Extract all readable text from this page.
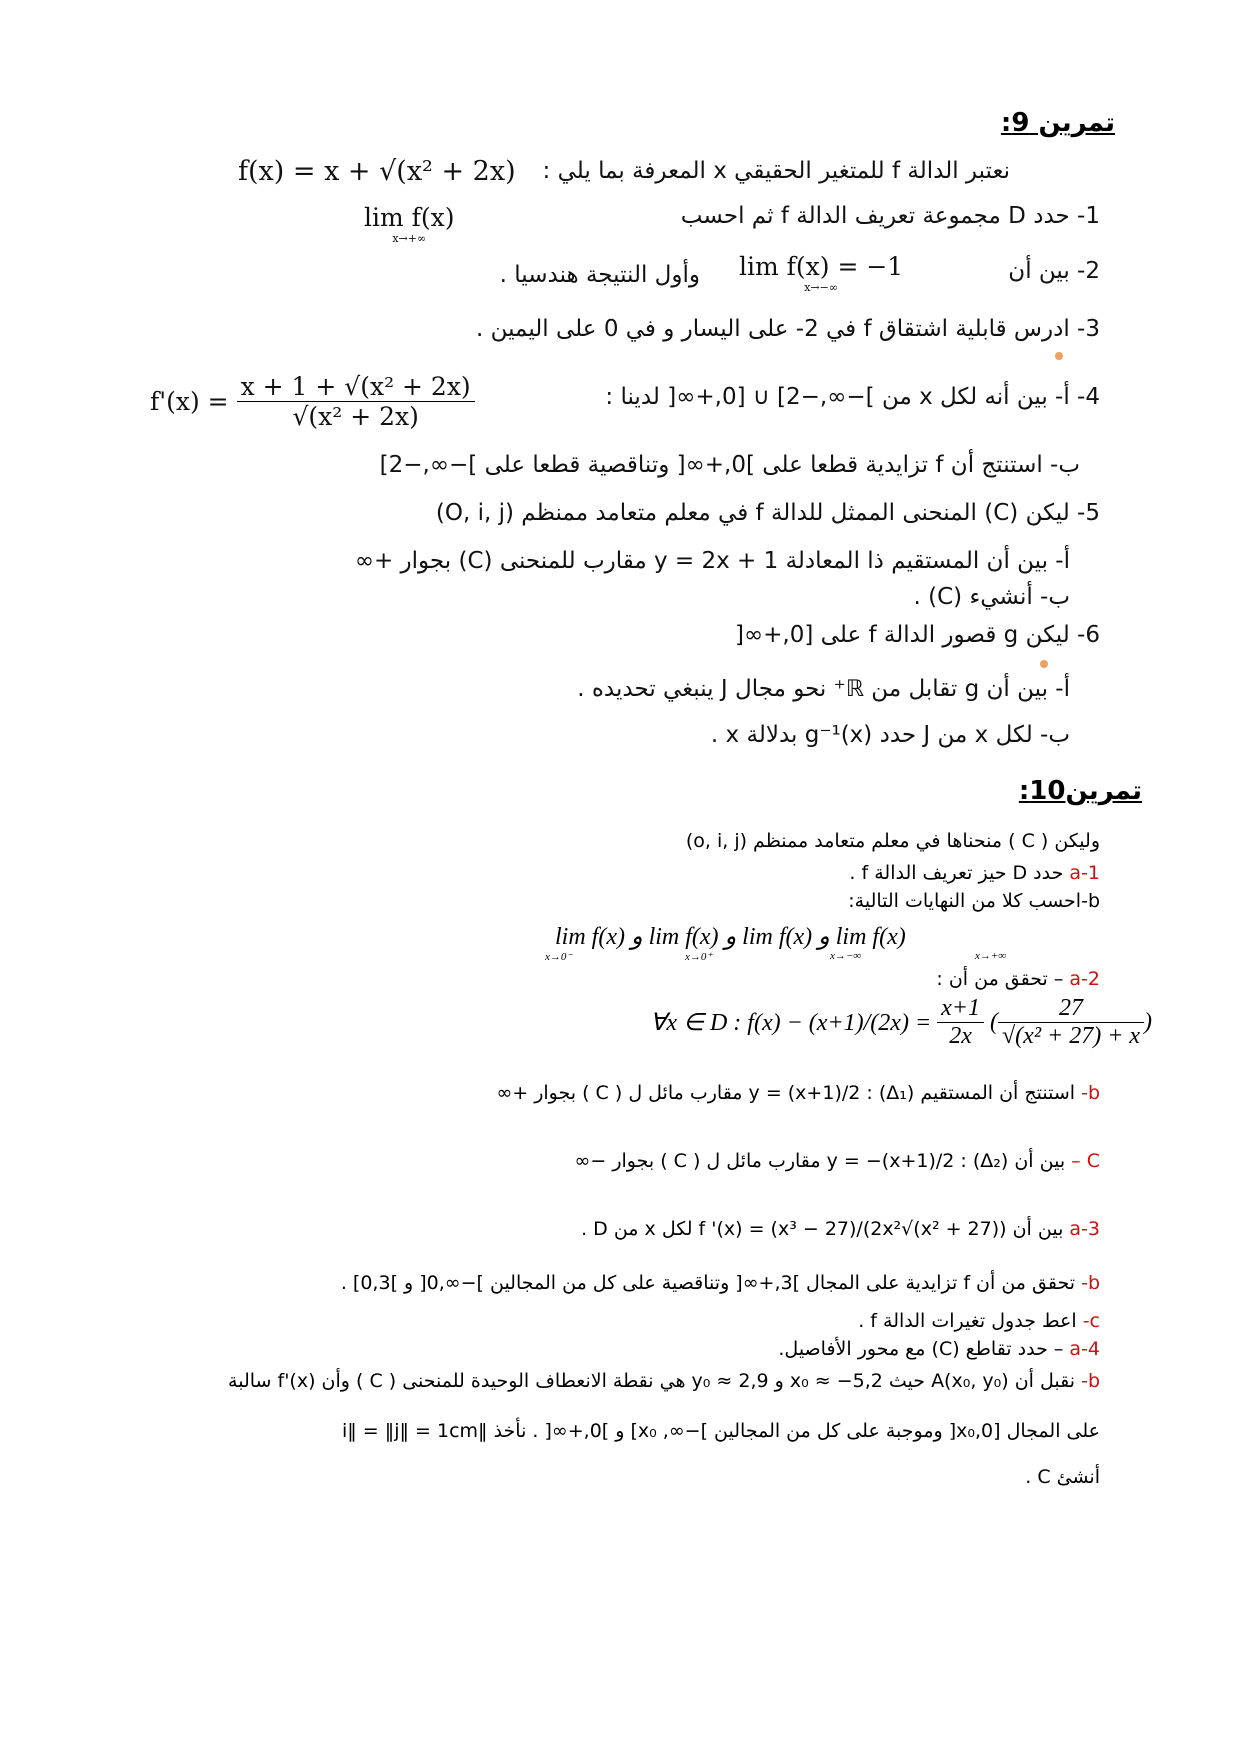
تمرين 9:
نعتبر الدالة f للمتغير الحقيقي x المعرفة بما يلي :
f(x) = x + √(x² + 2x)
1- حدد D مجموعة تعريف الدالة f ثم احسب
lim f(x)
x→+∞
2- بين أن
lim f(x) = −1
x→−∞
وأول النتيجة هندسيا .
3- ادرس قابلية اشتقاق f في 2- على اليسار و في 0 على اليمين .
4- أ- بين أنه لكل x من ]−∞,−2] ∪ [0,+∞[ لدينا :
$f'(x) = \frac{\text{x + 1 + √(x² + 2x)}}{\text{√(x² + 2x)}}$
ب- استنتج أن f تزايدية قطعا على ]0,+∞[ وتناقصية قطعا على ]−∞,−2]
5- ليكن (C) المنحنى الممثل للدالة f في معلم متعامد ممنظم (O, i, j)
أ- بين أن المستقيم ذا المعادلة y = 2x + 1 مقارب للمنحنى (C) بجوار +∞
ب- أنشيء (C) .
6- ليكن g قصور الدالة f على [0,+∞[
أ- بين أن g تقابل من ℝ⁺ نحو مجال J ينبغي تحديده .
ب- لكل x من J حدد g⁻¹(x) بدلالة x .
تمرين10:
وليكن ( C ) منحناها في معلم متعامد ممنظم (o, i, j)
a-1 حدد D حيز تعريف الدالة f .
b-احسب كلا من النهايات التالية:
lim f(x) و lim f(x) و lim f(x) و lim f(x)
x→0⁻	x→0⁺	x→−∞	x→+∞
a-2 – تحقق من أن :
∀x ∈ D : $f(x) - (x+1)/(2x) = \frac{x+1}{2x}$ ( $\frac{27}{\text{√(x² + 27) + x}}$ )
b- استنتج أن المستقيم (Δ₁) : y = (x+1)/2 مقارب مائل ل ( C ) بجوار +∞
C – بين أن (Δ₂) : y = −(x+1)/2 مقارب مائل ل ( C ) بجوار −∞
a-3 بين أن f '(x) = (x³ − 27)/(2x²√(x² + 27)) لكل x من D .
b- تحقق من أن f تزايدية على المجال ]3,+∞[ وتناقصية على كل من المجالين ]−∞,0[ و ]0,3] .
c- اعط جدول تغيرات الدالة f .
a-4 – حدد تقاطع (C) مع محور الأفاصيل.
b- نقبل أن A(x₀, y₀) حيث x₀ ≈ −5,2 و y₀ ≈ 2,9 هي نقطة الانعطاف الوحيدة للمنحنى ( C ) وأن f'(x) سالبة
على المجال [x₀,0[ وموجبة على كل من المجالين ]−∞, x₀] و ]0,+∞[ . نأخذ ‖i‖ = ‖j‖ = 1cm
أنشئ C .
